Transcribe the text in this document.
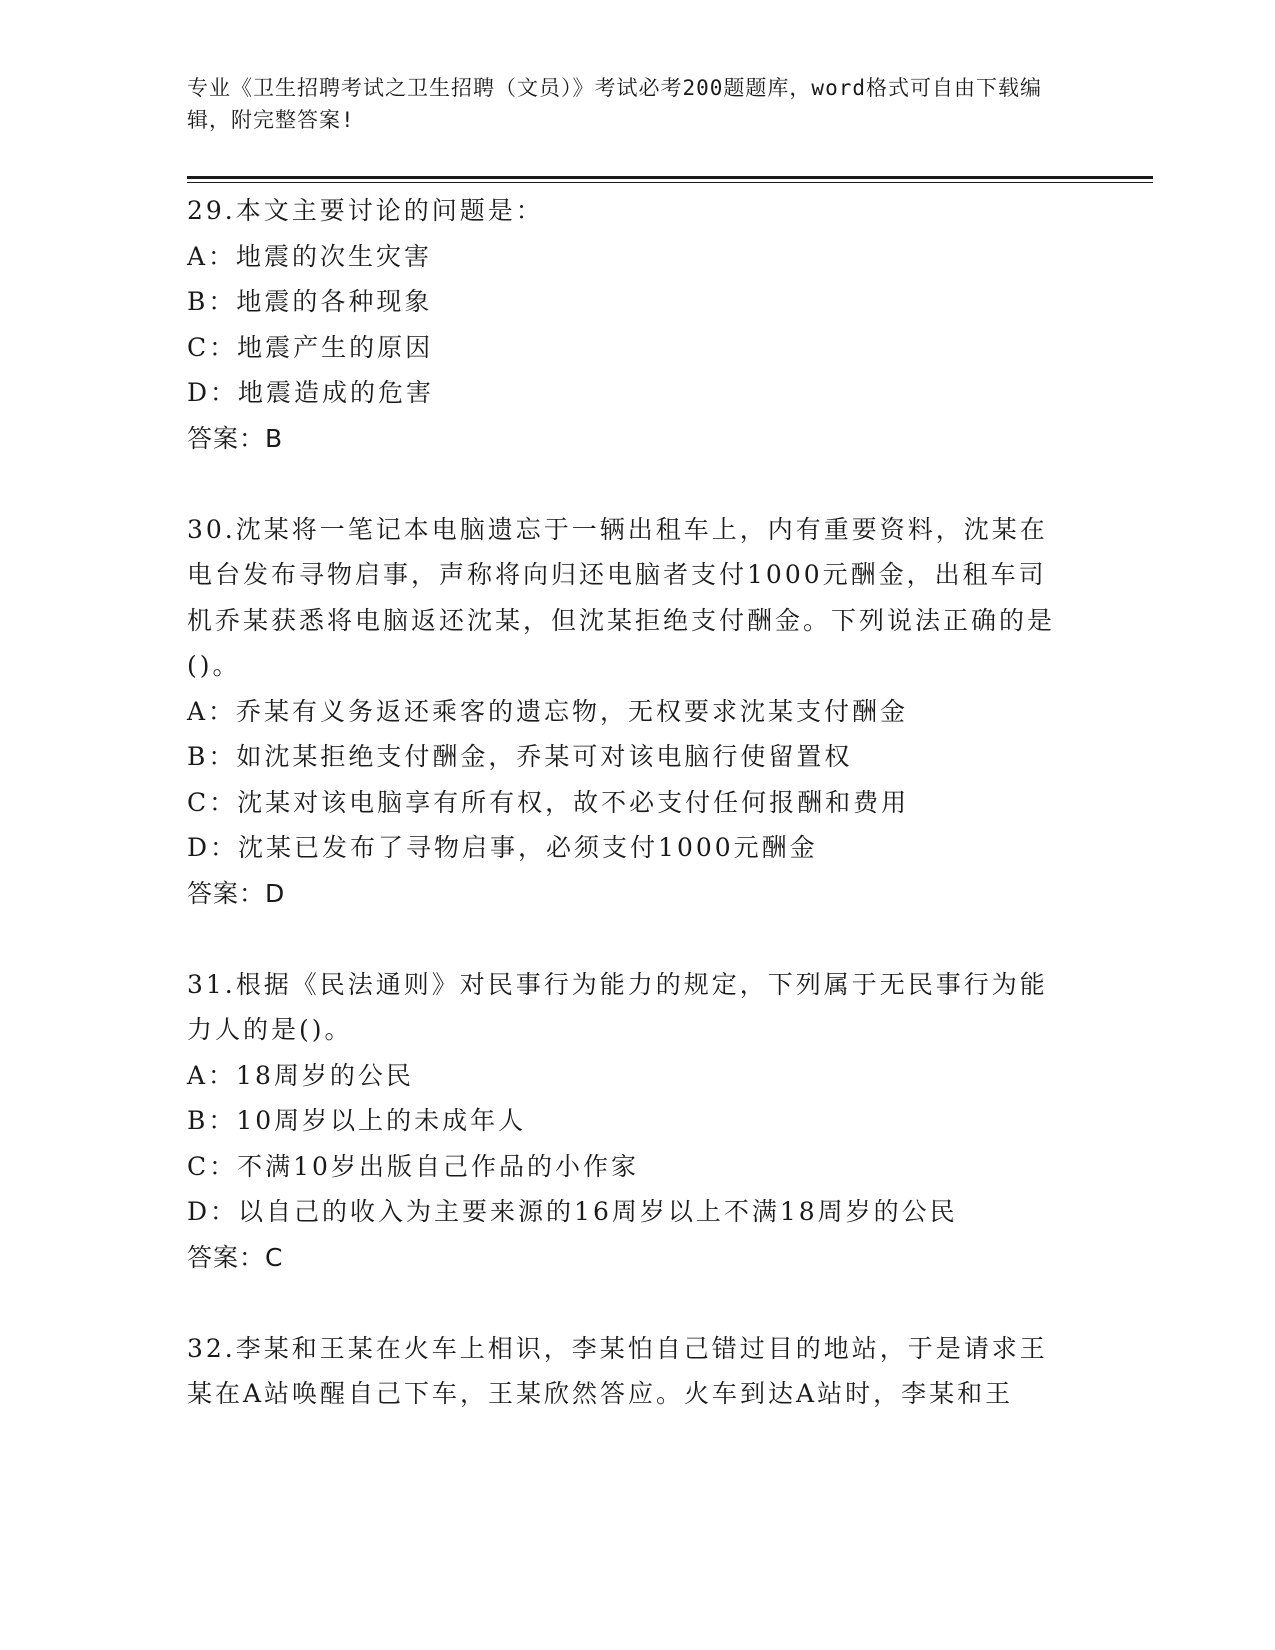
专业《卫生招聘考试之卫生招聘（文员）》考试必考200题题库，word格式可自由下载编辑，附完整答案!
29.本文主要讨论的问题是：
A：地震的次生灾害
B：地震的各种现象
C：地震产生的原因
D：地震造成的危害
答案：B
30.沈某将一笔记本电脑遗忘于一辆出租车上，内有重要资料，沈某在电台发布寻物启事，声称将向归还电脑者支付1000元酬金，出租车司机乔某获悉将电脑返还沈某，但沈某拒绝支付酬金。下列说法正确的是()。
A：乔某有义务返还乘客的遗忘物，无权要求沈某支付酬金
B：如沈某拒绝支付酬金，乔某可对该电脑行使留置权
C：沈某对该电脑享有所有权，故不必支付任何报酬和费用
D：沈某已发布了寻物启事，必须支付1000元酬金
答案：D
31.根据《民法通则》对民事行为能力的规定，下列属于无民事行为能力人的是()。
A：18周岁的公民
B：10周岁以上的未成年人
C：不满10岁出版自己作品的小作家
D：以自己的收入为主要来源的16周岁以上不满18周岁的公民
答案：C
32.李某和王某在火车上相识，李某怕自己错过目的地站，于是请求王某在A站唤醒自己下车，王某欣然答应。火车到达A站时，李某和王
